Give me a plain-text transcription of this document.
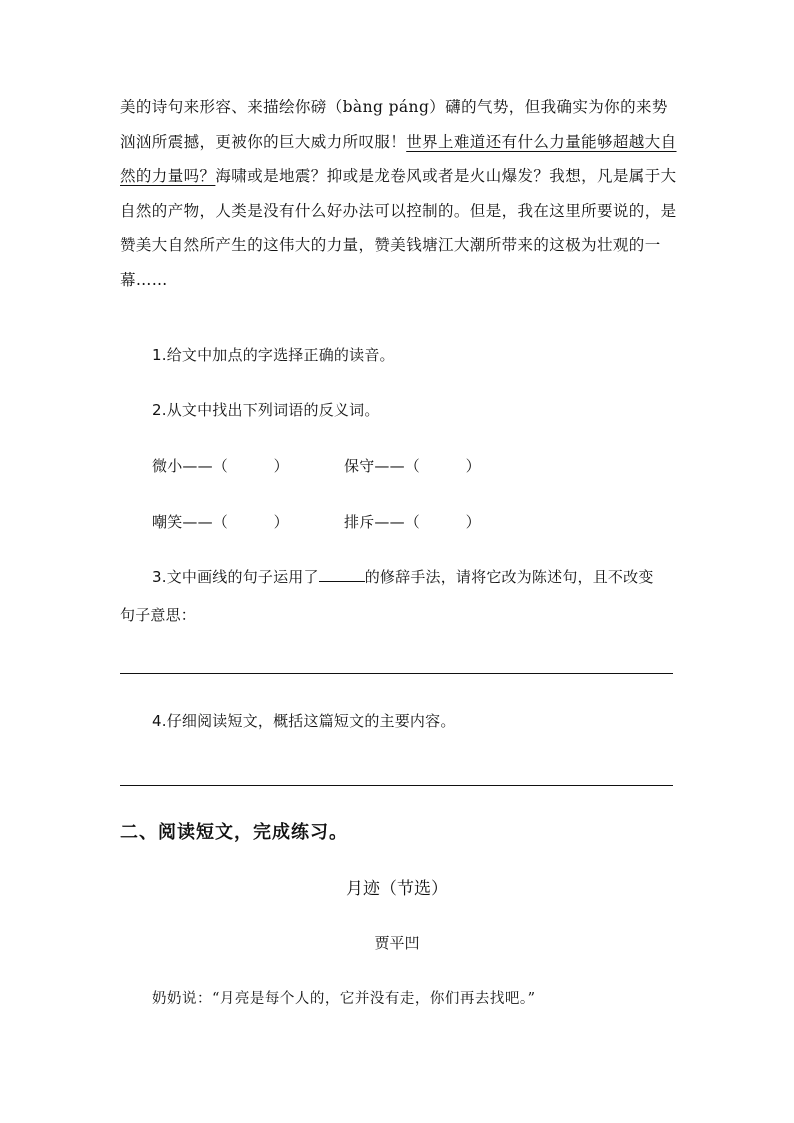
美的诗句来形容、来描绘你磅（bàng páng）礴的气势，但我确实为你的来势汹汹所震撼，更被你的巨大威力所叹服！世界上难道还有什么力量能够超越大自然的力量吗？海啸或是地震？抑或是龙卷风或者是火山爆发？我想，凡是属于大自然的产物，人类是没有什么好办法可以控制的。但是，我在这里所要说的，是赞美大自然所产生的这伟大的力量，赞美钱塘江大潮所带来的这极为壮观的一幕……
1.给文中加点的字选择正确的读音。
2.从文中找出下列词语的反义词。
微小——（　　　）	保守——（　　　）
嘲笑——（　　　）	排斥——（　　　）
3.文中画线的句子运用了	的修辞手法，请将它改为陈述句，且不改变
句子意思：
4.仔细阅读短文，概括这篇短文的主要内容。
二、阅读短文，完成练习。
月迹（节选）
贾平凹
奶奶说：“月亮是每个人的，它并没有走，你们再去找吧。”
